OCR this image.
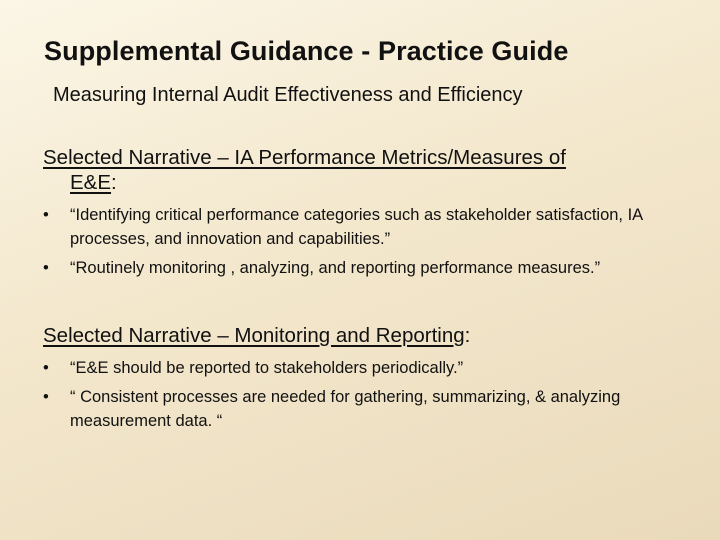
Supplemental Guidance - Practice Guide
Measuring Internal Audit Effectiveness and Efficiency
Selected Narrative – IA Performance Metrics/Measures of
E&E:
• “Identifying critical performance categories such as stakeholder satisfaction, IA processes, and innovation and capabilities.”
• “Routinely monitoring , analyzing, and reporting performance measures.”
Selected Narrative – Monitoring and Reporting:
• “E&E should be reported to stakeholders periodically.”
• “ Consistent processes are needed for gathering, summarizing, & analyzing measurement data. “
